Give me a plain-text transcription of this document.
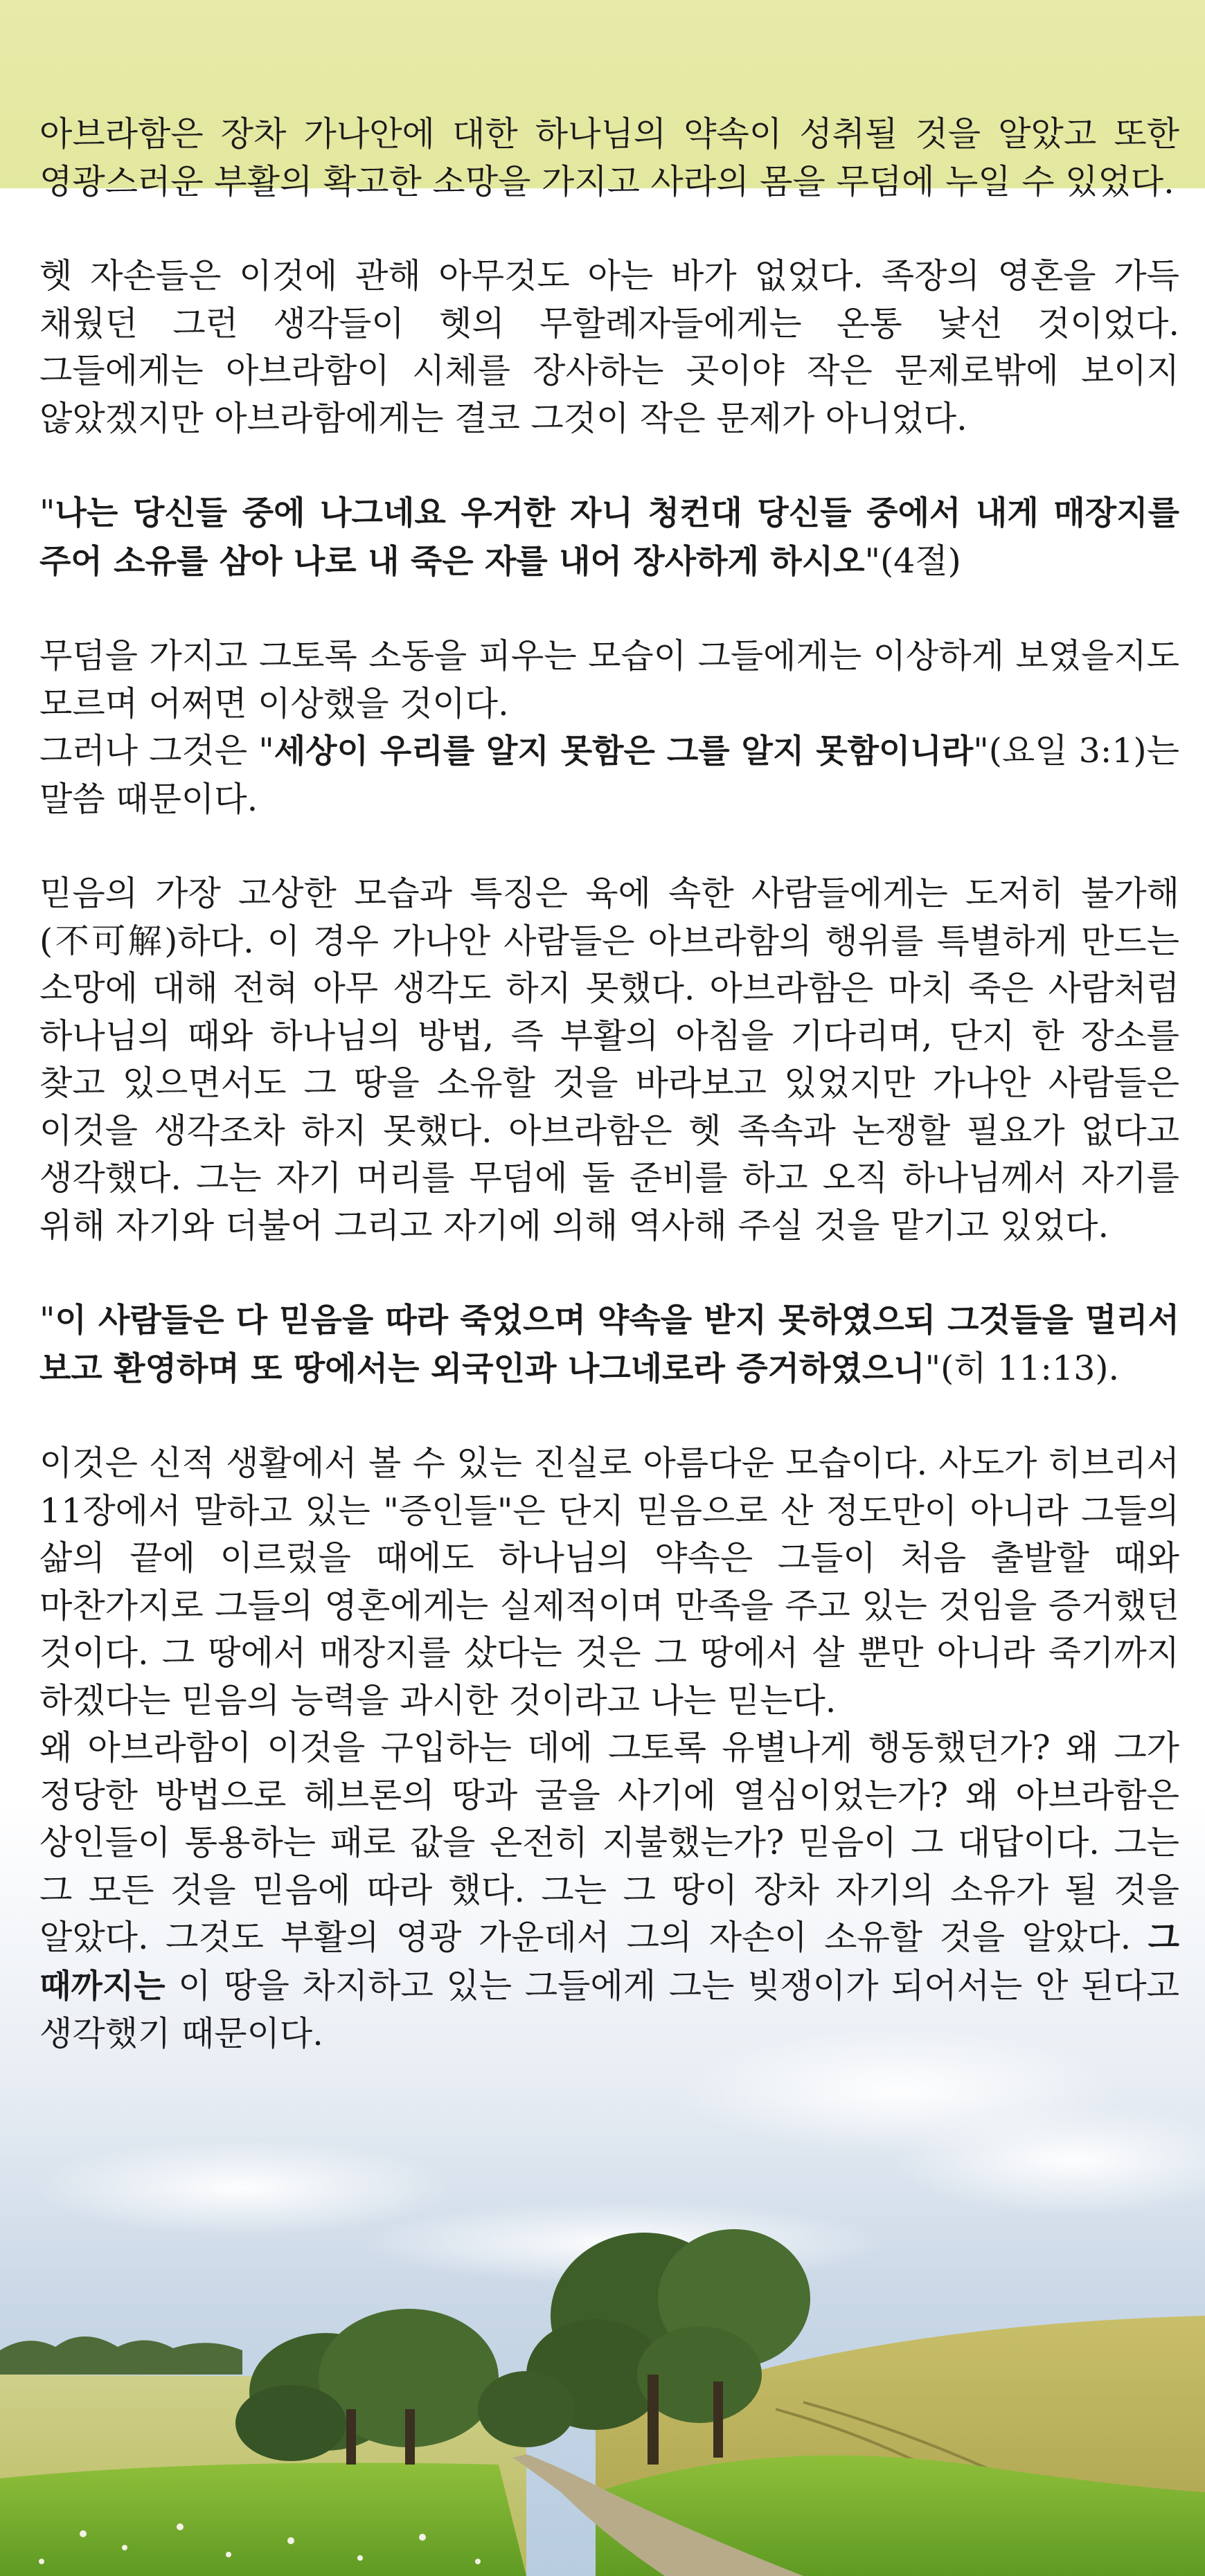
아브라함은 장차 가나안에 대한 하나님의 약속이 성취될 것을 알았고 또한 영광스러운 부활의 확고한 소망을 가지고 사라의 몸을 무덤에 누일 수 있었다.

헷 자손들은 이것에 관해 아무것도 아는 바가 없었다. 족장의 영혼을 가득 채웠던 그런 생각들이 헷의 무할례자들에게는 온통 낯선 것이었다. 그들에게는 아브라함이 시체를 장사하는 곳이야 작은 문제로밖에 보이지 않았겠지만 아브라함에게는 결코 그것이 작은 문제가 아니었다.

"나는 당신들 중에 나그네요 우거한 자니 청컨대 당신들 중에서 내게 매장지를 주어 소유를 삼아 나로 내 죽은 자를 내어 장사하게 하시오"(4절)

무덤을 가지고 그토록 소동을 피우는 모습이 그들에게는 이상하게 보였을지도 모르며 어쩌면 이상했을 것이다.

그러나 그것은 "세상이 우리를 알지 못함은 그를 알지 못함이니라"(요일 3:1)는 말씀 때문이다.

믿음의 가장 고상한 모습과 특징은 육에 속한 사람들에게는 도저히 불가해(不可解)하다. 이 경우 가나안 사람들은 아브라함의 행위를 특별하게 만드는 소망에 대해 전혀 아무 생각도 하지 못했다. 아브라함은 마치 죽은 사람처럼 하나님의 때와 하나님의 방법, 즉 부활의 아침을 기다리며, 단지 한 장소를 찾고 있으면서도 그 땅을 소유할 것을 바라보고 있었지만 가나안 사람들은 이것을 생각조차 하지 못했다. 아브라함은 헷 족속과 논쟁할 필요가 없다고 생각했다. 그는 자기 머리를 무덤에 둘 준비를 하고 오직 하나님께서 자기를 위해 자기와 더불어 그리고 자기에 의해 역사해 주실 것을 맡기고 있었다.

"이 사람들은 다 믿음을 따라 죽었으며 약속을 받지 못하였으되 그것들을 멀리서 보고 환영하며 또 땅에서는 외국인과 나그네로라 증거하였으니"(히 11:13).

이것은 신적 생활에서 볼 수 있는 진실로 아름다운 모습이다. 사도가 히브리서 11장에서 말하고 있는 "증인들"은 단지 믿음으로 산 정도만이 아니라 그들의 삶의 끝에 이르렀을 때에도 하나님의 약속은 그들이 처음 출발할 때와 마찬가지로 그들의 영혼에게는 실제적이며 만족을 주고 있는 것임을 증거했던 것이다. 그 땅에서 매장지를 샀다는 것은 그 땅에서 살 뿐만 아니라 죽기까지 하겠다는 믿음의 능력을 과시한 것이라고 나는 믿는다.

왜 아브라함이 이것을 구입하는 데에 그토록 유별나게 행동했던가? 왜 그가 정당한 방법으로 헤브론의 땅과 굴을 사기에 열심이었는가? 왜 아브라함은 상인들이 통용하는 패로 값을 온전히 지불했는가? 믿음이 그 대답이다. 그는 그 모든 것을 믿음에 따라 했다. 그는 그 땅이 장차 자기의 소유가 될 것을 알았다. 그것도 부활의 영광 가운데서 그의 자손이 소유할 것을 알았다. 그 때까지는 이 땅을 차지하고 있는 그들에게 그는 빚쟁이가 되어서는 안 된다고 생각했기 때문이다.
